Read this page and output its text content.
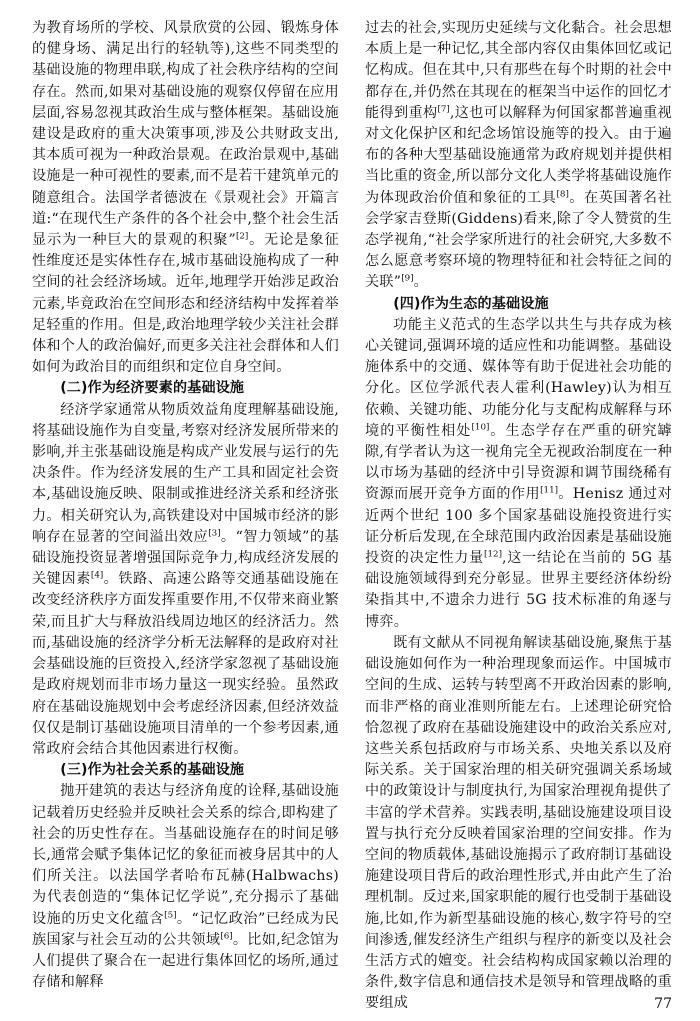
为教育场所的学校、风景欣赏的公园、锻炼身体的健身场、满足出行的轻轨等),这些不同类型的基础设施的物理串联,构成了社会秩序结构的空间存在。然而,如果对基础设施的观察仅停留在应用层面,容易忽视其政治生成与整体框架。基础设施建设是政府的重大决策事项,涉及公共财政支出,其本质可视为一种政治景观。在政治景观中,基础设施是一种可视性的要素,而不是若干建筑单元的随意组合。法国学者德波在《景观社会》开篇言道:“在现代生产条件的各个社会中,整个社会生活显示为一种巨大的景观的积聚”[2]。无论是象征性维度还是实体性存在,城市基础设施构成了一种空间的社会经济场域。近年,地理学开始涉足政治元素,毕竟政治在空间形态和经济结构中发挥着举足轻重的作用。但是,政治地理学较少关注社会群体和个人的政治偏好,而更多关注社会群体和人们如何为政治目的而组织和定位自身空间。

(二)作为经济要素的基础设施

经济学家通常从物质效益角度理解基础设施,将基础设施作为自变量,考察对经济发展所带来的影响,并主张基础设施是构成产业发展与运行的先决条件。作为经济发展的生产工具和固定社会资本,基础设施反映、限制或推进经济关系和经济张力。相关研究认为,高铁建设对中国城市经济的影响存在显著的空间溢出效应[3]。“智力领域”的基础设施投资显著增强国际竞争力,构成经济发展的关键因素[4]。铁路、高速公路等交通基础设施在改变经济秩序方面发挥重要作用,不仅带来商业繁荣,而且扩大与释放沿线周边地区的经济活力。然而,基础设施的经济学分析无法解释的是政府对社会基础设施的巨资投入,经济学家忽视了基础设施是政府规划而非市场力量这一现实经验。虽然政府在基础设施规划中会考虑经济因素,但经济效益仅仅是制订基础设施项目清单的一个参考因素,通常政府会结合其他因素进行权衡。

(三)作为社会关系的基础设施

抛开建筑的表达与经济角度的诠释,基础设施记载着历史经验并反映社会关系的综合,即构建了社会的历史性存在。当基础设施存在的时间足够长,通常会赋予集体记忆的象征而被身居其中的人们所关注。以法国学者哈布瓦赫(Halbwachs)为代表创造的“集体记忆学说”,充分揭示了基础设施的历史文化蕴含[5]。“记忆政治”已经成为民族国家与社会互动的公共领域[6]。比如,纪念馆为人们提供了聚合在一起进行集体回忆的场所,通过存储和解释

过去的社会,实现历史延续与文化黏合。社会思想本质上是一种记忆,其全部内容仅由集体回忆或记忆构成。但在其中,只有那些在每个时期的社会中都存在,并仍然在其现在的框架当中运作的回忆才能得到重构[7],这也可以解释为何国家都普遍重视对文化保护区和纪念场馆设施等的投入。由于遍布的各种大型基础设施通常为政府规划并提供相当比重的资金,所以部分文化人类学将基础设施作为体现政治价值和象征的工具[8]。在英国著名社会学家吉登斯(Giddens)看来,除了令人赞赏的生态学视角,“社会学家所进行的社会研究,大多数不怎么愿意考察环境的物理特征和社会特征之间的关联”[9]。

(四)作为生态的基础设施

功能主义范式的生态学以共生与共存成为核心关键词,强调环境的适应性和功能调整。基础设施体系中的交通、媒体等有助于促进社会功能的分化。区位学派代表人霍利(Hawley)认为相互依赖、关键功能、功能分化与支配构成解释与环境的平衡性相处[10]。生态学存在严重的研究罅隙,有学者认为这一视角完全无视政治制度在一种以市场为基础的经济中引导资源和调节围绕稀有资源而展开竞争方面的作用[11]。Henisz 通过对近两个世纪 100 多个国家基础设施投资进行实证分析后发现,在全球范围内政治因素是基础设施投资的决定性力量[12],这一结论在当前的 5G 基础设施领域得到充分彰显。世界主要经济体纷纷染指其中,不遗余力进行 5G 技术标准的角逐与博弈。

既有文献从不同视角解读基础设施,聚焦于基础设施如何作为一种治理现象而运作。中国城市空间的生成、运转与转型离不开政治因素的影响,而非严格的商业准则所能左右。上述理论研究恰恰忽视了政府在基础设施建设中的政治关系应对,这些关系包括政府与市场关系、央地关系以及府际关系。关于国家治理的相关研究强调关系场域中的政策设计与制度执行,为国家治理视角提供了丰富的学术营养。实践表明,基础设施建设项目设置与执行充分反映着国家治理的空间安排。作为空间的物质载体,基础设施揭示了政府制订基础设施建设项目背后的政治理性形式,并由此产生了治理机制。反过来,国家职能的履行也受制于基础设施,比如,作为新型基础设施的核心,数字符号的空间渗透,催发经济生产组织与程序的新变以及社会生活方式的嬗变。社会结构构成国家赖以治理的条件,数字信息和通信技术是领导和管理战略的重要组成	77
